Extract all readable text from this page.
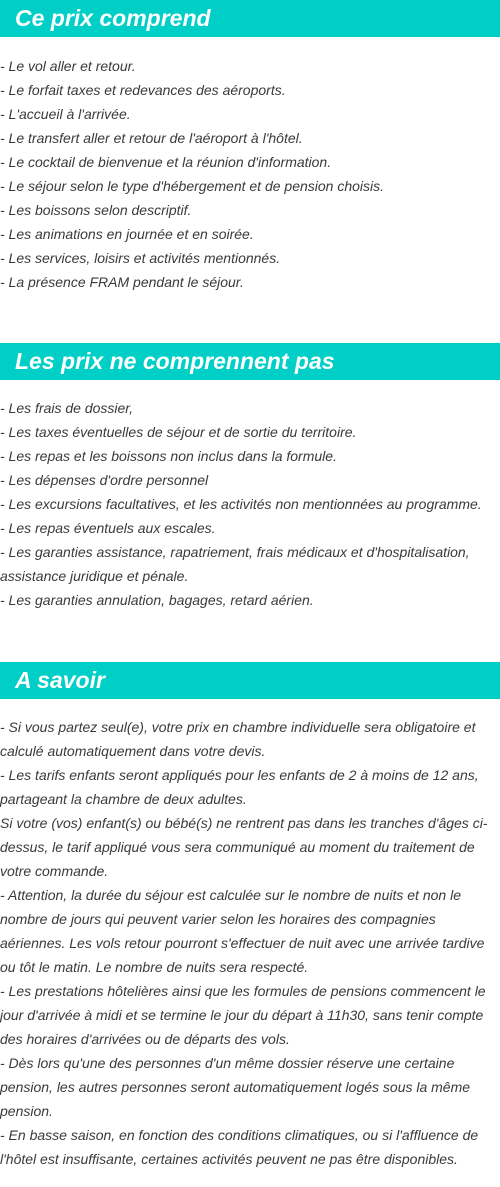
Ce prix comprend
- Le vol aller et retour.
- Le forfait taxes et redevances des aéroports.
- L'accueil à l'arrivée.
- Le transfert aller et retour de l'aéroport à l'hôtel.
- Le cocktail de bienvenue et la réunion d'information.
- Le séjour selon le type d'hébergement et de pension choisis.
- Les boissons selon descriptif.
- Les animations en journée et en soirée.
- Les services, loisirs et activités mentionnés.
- La présence FRAM pendant le séjour.
Les prix ne comprennent pas
- Les frais de dossier,
- Les taxes éventuelles de séjour et de sortie du territoire.
- Les repas et les boissons non inclus dans la formule.
- Les dépenses d'ordre personnel
- Les excursions facultatives, et les activités non mentionnées au programme.
- Les repas éventuels aux escales.
- Les garanties assistance, rapatriement, frais médicaux et d'hospitalisation,
assistance juridique et pénale.
- Les garanties annulation, bagages, retard aérien.
A savoir
- Si vous partez seul(e), votre prix en chambre individuelle sera obligatoire et
calculé automatiquement dans votre devis.
- Les tarifs enfants seront appliqués pour les enfants de 2 à moins de 12 ans,
partageant la chambre de deux adultes.
Si votre (vos) enfant(s) ou bébé(s) ne rentrent pas dans les tranches d'âges ci-
dessus, le tarif appliqué vous sera communiqué au moment du traitement de
votre commande.
- Attention, la durée du séjour est calculée sur le nombre de nuits et non le
nombre de jours qui peuvent varier selon les horaires des compagnies
aériennes. Les vols retour pourront s'effectuer de nuit avec une arrivée tardive
ou tôt le matin. Le nombre de nuits sera respecté.
- Les prestations hôtelières ainsi que les formules de pensions commencent le
jour d'arrivée à midi et se termine le jour du départ à 11h30, sans tenir compte
des horaires d'arrivées ou de départs des vols.
- Dès lors qu'une des personnes d'un même dossier réserve une certaine
pension, les autres personnes seront automatiquement logés sous la même
pension.
- En basse saison, en fonction des conditions climatiques, ou si l'affluence de
l'hôtel est insuffisante, certaines activités peuvent ne pas être disponibles.
